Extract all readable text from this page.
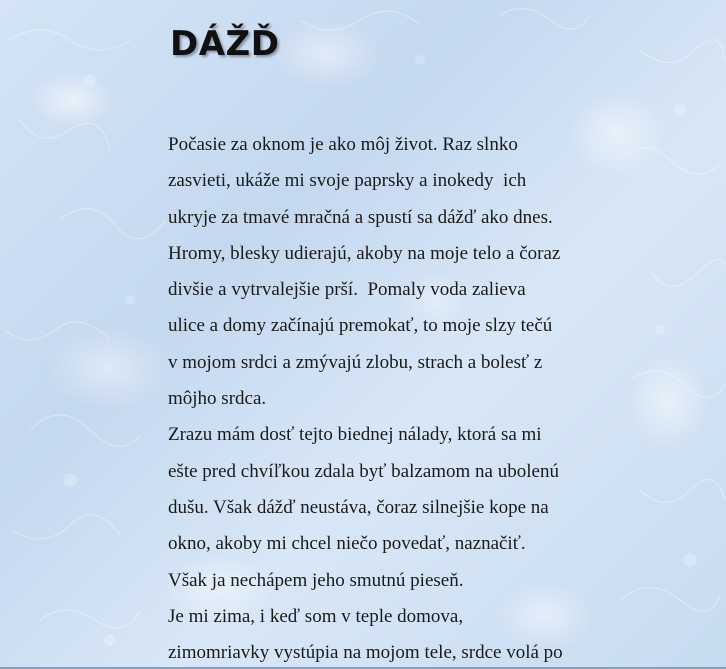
DÁŽĎ
Počasie za oknom je ako môj život. Raz slnko
zasvieti, ukáže mi svoje paprsky a inokedy  ich
ukryje za tmavé mračná a spustí sa dážď ako dnes.
Hromy, blesky udierajú, akoby na moje telo a čoraz
divšie a vytrvalejšie prší.  Pomaly voda zalieva
ulice a domy začínajú premokať, to moje slzy tečú
v mojom srdci a zmývajú zlobu, strach a bolesť z
môjho srdca.
Zrazu mám dosť tejto biednej nálady, ktorá sa mi
ešte pred chvíľkou zdala byť balzamom na ubolenú
dušu. Však dážď neustáva, čoraz silnejšie kope na
okno, akoby mi chcel niečo povedať, naznačiť.
Však ja nechápem jeho smutnú pieseň.
Je mi zima, i keď som v teple domova,
zimomriavky vystúpia na mojom tele, srdce volá po
